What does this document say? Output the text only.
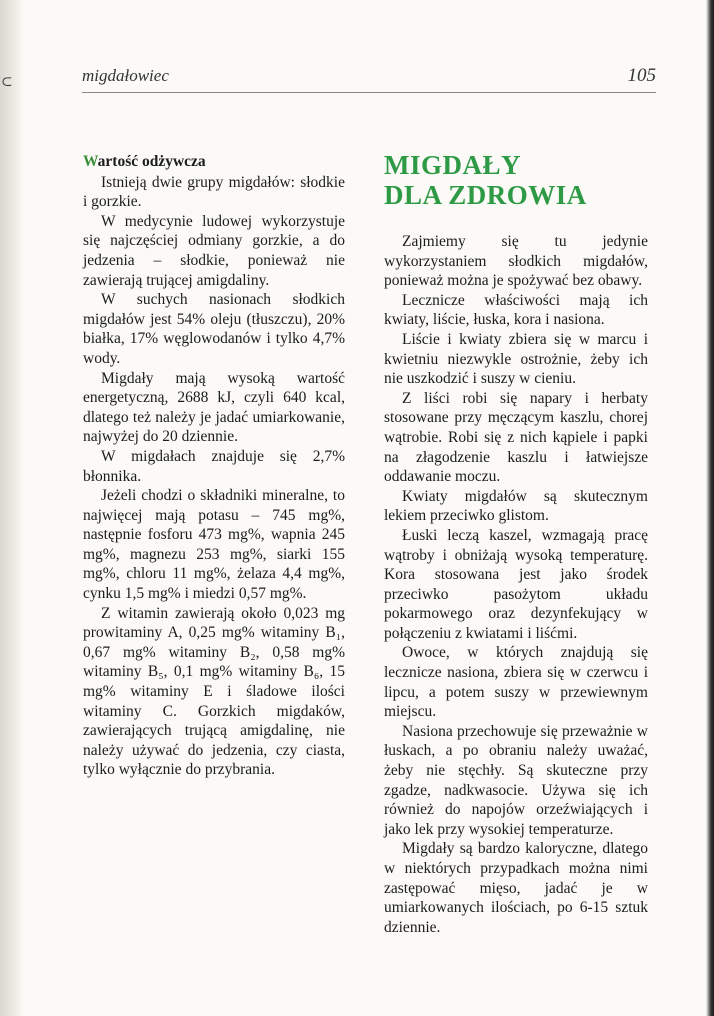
⊂	migdałowiec	105
Wartość odżywcza

Istnieją dwie grupy migdałów: słodkie i gorzkie.

W medycynie ludowej wykorzystuje się najczęściej odmiany gorzkie, a do jedzenia – słodkie, ponieważ nie zawierają trującej amigdaliny.

W suchych nasionach słodkich migdałów jest 54% oleju (tłuszczu), 20% białka, 17% węglowodanów i tylko 4,7% wody.

Migdały mają wysoką wartość energetyczną, 2688 kJ, czyli 640 kcal, dlatego też należy je jadać umiarkowanie, najwyżej do 20 dziennie.

W migdałach znajduje się 2,7% błonnika.

Jeżeli chodzi o składniki mineralne, to najwięcej mają potasu – 745 mg%, następnie fosforu 473 mg%, wapnia 245 mg%, magnezu 253 mg%, siarki 155 mg%, chloru 11 mg%, żelaza 4,4 mg%, cynku 1,5 mg% i miedzi 0,57 mg%.

Z witamin zawierają około 0,023 mg prowitaminy A, 0,25 mg% witaminy B₁, 0,67 mg% witaminy B₂, 0,58 mg% witaminy B₅, 0,1 mg% witaminy B₆, 15 mg% witaminy E i śladowe ilości witaminy C. Gorzkich migdaków, zawierających trującą amigdalinę, nie należy używać do jedzenia, czy ciasta, tylko wyłącznie do przybrania.

MIGDAŁY
DLA ZDROWIA

Zajmiemy się tu jedynie wykorzystaniem słodkich migdałów, ponieważ można je spożywać bez obawy.

Lecznicze właściwości mają ich kwiaty, liście, łuska, kora i nasiona.

Liście i kwiaty zbiera się w marcu i kwietniu niezwykle ostrożnie, żeby ich nie uszkodzić i suszy w cieniu.

Z liści robi się napary i herbaty stosowane przy męczącym kaszlu, chorej wątrobie. Robi się z nich kąpiele i papki na złagodzenie kaszlu i łatwiejsze oddawanie moczu.

Kwiaty migdałów są skutecznym lekiem przeciwko glistom.

Łuski leczą kaszel, wzmagają pracę wątroby i obniżają wysoką temperaturę. Kora stosowana jest jako środek przeciwko pasożytom układu pokarmowego oraz dezynfekujący w połączeniu z kwiatami i liśćmi.

Owoce, w których znajdują się lecznicze nasiona, zbiera się w czerwcu i lipcu, a potem suszy w przewiewnym miejscu.

Nasiona przechowuje się przeważnie w łuskach, a po obraniu należy uważać, żeby nie stęchły. Są skuteczne przy zgadze, nadkwasocie. Używa się ich również do napojów orzeźwiających i jako lek przy wysokiej temperaturze.

Migdały są bardzo kaloryczne, dlatego w niektórych przypadkach można nimi zastępować mięso, jadać je w umiarkowanych ilościach, po 6-15 sztuk dziennie.
